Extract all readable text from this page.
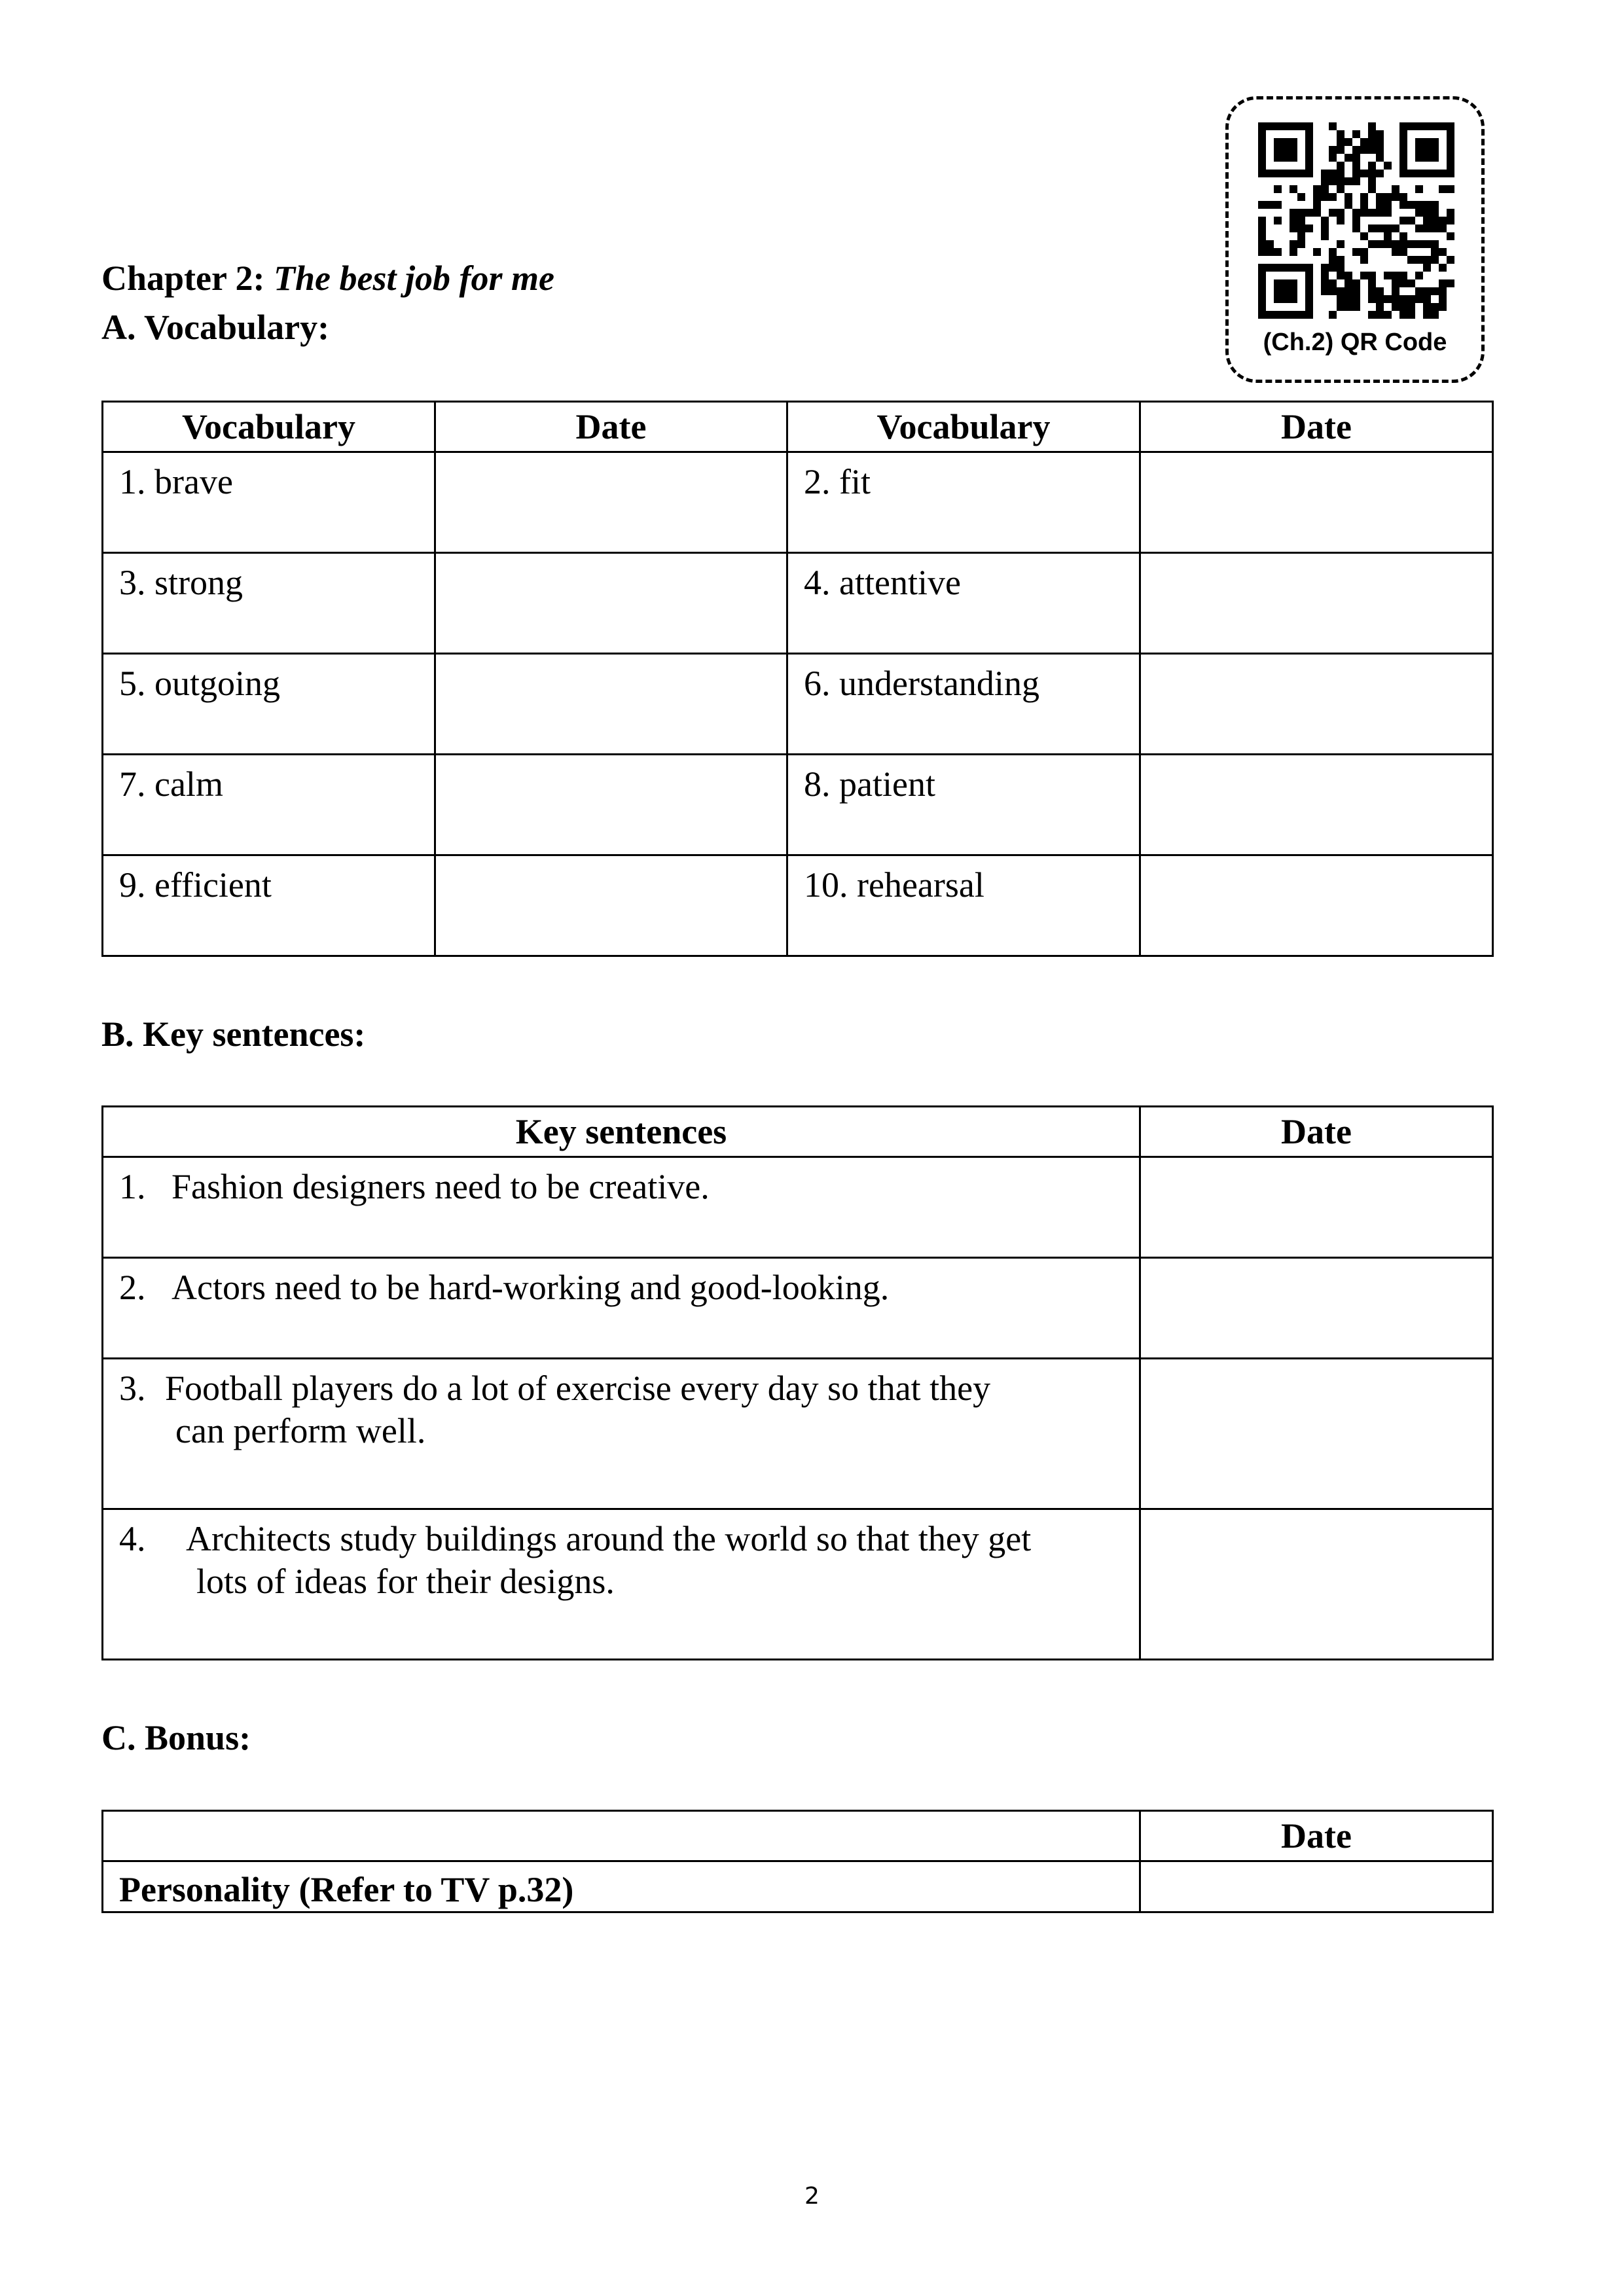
Chapter 2: The best job for me
A. Vocabulary:	(Ch.2) QR Code
Vocabulary	Date	Vocabulary	Date
1. brave		2. fit	
3. strong		4. attentive	
5. outgoing		6. understanding	
7. calm		8. patient	
9. efficient		10. rehearsal	
B. Key sentences:
Key sentences	Date
1. Fashion designers need to be creative.	
2. Actors need to be hard-working and good-looking.	
3. Football players do a lot of exercise every day so that they
can perform well.	
4. Architects study buildings around the world so that they get
lots of ideas for their designs.	
C. Bonus:
	Date
Personality (Refer to TV p.32)	
2
